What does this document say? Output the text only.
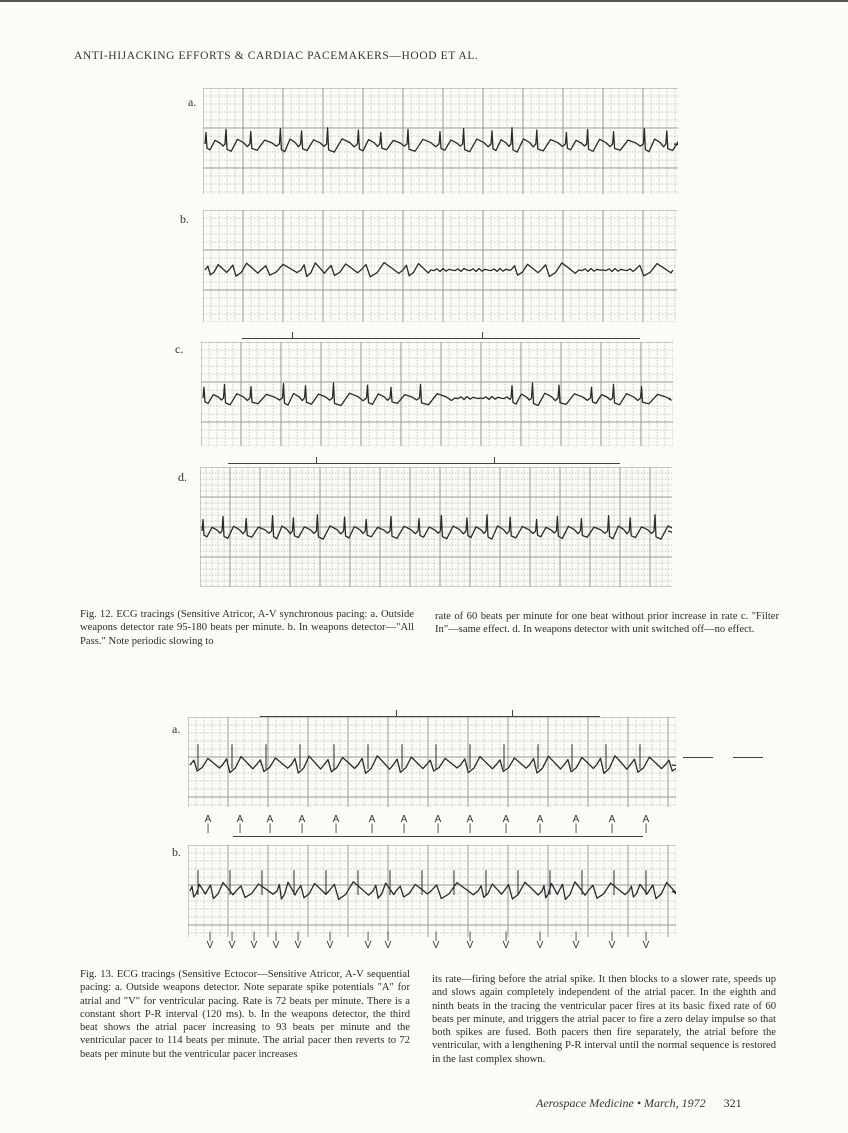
ANTI-HIJACKING EFFORTS & CARDIAC PACEMAKERS—HOOD ET AL.
a.
b.
c.
d.
Fig. 12. ECG tracings (Sensitive Atricor, A-V synchronous pacing: a. Outside weapons detector rate 95-180 beats per minute. b. In weapons detector—"All Pass." Note periodic slowing to
rate of 60 beats per minute for one beat without prior increase in rate c. "Filter In"—same effect. d. In weapons detector with unit switched off—no effect.
a.
A
|
A
|
A
|
A
|
A
|
A
|
A
|
A
|
A
|
A
|
A
|
A
|
A
|
A
|
b.
|
V
|
V
|
V
|
V
|
V
|
V
|
V
|
V
|
V
|
V
|
V
|
V
|
V
|
V
|
V
Fig. 13. ECG tracings (Sensitive Ectocor—Sensitive Atricor, A-V sequential pacing: a. Outside weapons detector. Note separate spike potentials "A" for atrial and "V" for ventricular pacing. Rate is 72 beats per minute. There is a constant short P-R interval (120 ms). b. In the weapons detector, the third beat shows the atrial pacer increasing to 93 beats per minute and the ventricular pacer to 114 beats per minute. The atrial pacer then reverts to 72 beats per minute but the ventricular pacer increases
its rate—firing before the atrial spike. It then blocks to a slower rate, speeds up and slows again completely independent of the atrial pacer. In the eighth and ninth beats in the tracing the ventricular pacer fires at its basic fixed rate of 60 beats per minute, and triggers the atrial pacer to fire a zero delay impulse so that both spikes are fused. Both pacers then fire separately, the atrial before the ventricular, with a lengthening P-R interval until the normal sequence is restored in the last complex shown.
Aerospace Medicine • March, 1972 321
